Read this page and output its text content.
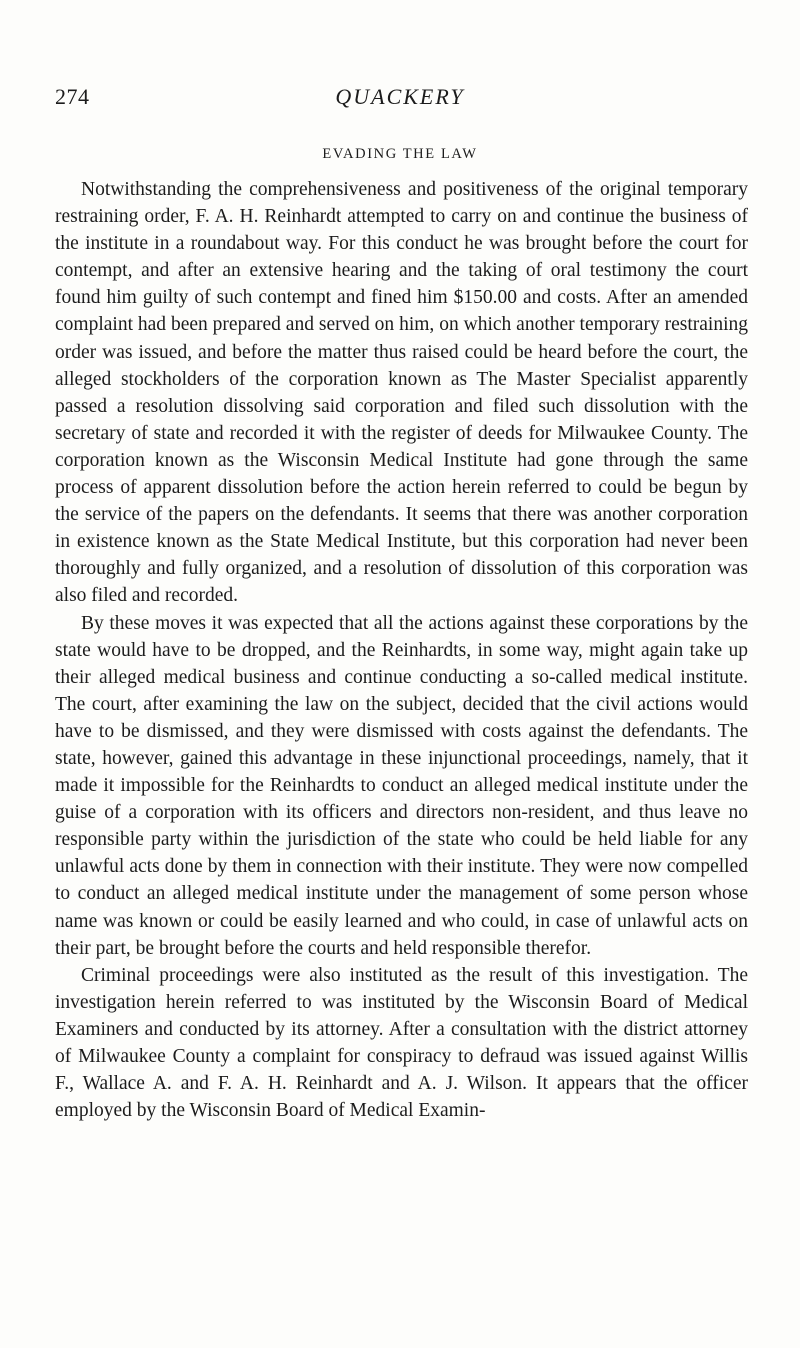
274	QUACKERY
EVADING THE LAW

Notwithstanding the comprehensiveness and positiveness of the original temporary restraining order, F. A. H. Reinhardt attempted to carry on and continue the business of the institute in a roundabout way. For this conduct he was brought before the court for contempt, and after an extensive hearing and the taking of oral testimony the court found him guilty of such contempt and fined him $150.00 and costs. After an amended complaint had been prepared and served on him, on which another temporary restraining order was issued, and before the matter thus raised could be heard before the court, the alleged stockholders of the corporation known as The Master Specialist apparently passed a resolution dissolving said corporation and filed such dissolution with the secretary of state and recorded it with the register of deeds for Milwaukee County. The corporation known as the Wisconsin Medical Institute had gone through the same process of apparent dissolution before the action herein referred to could be begun by the service of the papers on the defendants. It seems that there was another corporation in existence known as the State Medical Institute, but this corporation had never been thoroughly and fully organized, and a resolution of dissolution of this corporation was also filed and recorded.

By these moves it was expected that all the actions against these corporations by the state would have to be dropped, and the Reinhardts, in some way, might again take up their alleged medical business and continue conducting a so-called medical institute. The court, after examining the law on the subject, decided that the civil actions would have to be dismissed, and they were dismissed with costs against the defendants. The state, however, gained this advantage in these injunctional proceedings, namely, that it made it impossible for the Reinhardts to conduct an alleged medical institute under the guise of a corporation with its officers and directors non-resident, and thus leave no responsible party within the jurisdiction of the state who could be held liable for any unlawful acts done by them in connection with their institute. They were now compelled to conduct an alleged medical institute under the management of some person whose name was known or could be easily learned and who could, in case of unlawful acts on their part, be brought before the courts and held responsible therefor.

Criminal proceedings were also instituted as the result of this investigation. The investigation herein referred to was instituted by the Wisconsin Board of Medical Examiners and conducted by its attorney. After a consultation with the district attorney of Milwaukee County a complaint for conspiracy to defraud was issued against Willis F., Wallace A. and F. A. H. Reinhardt and A. J. Wilson. It appears that the officer employed by the Wisconsin Board of Medical Examin-
